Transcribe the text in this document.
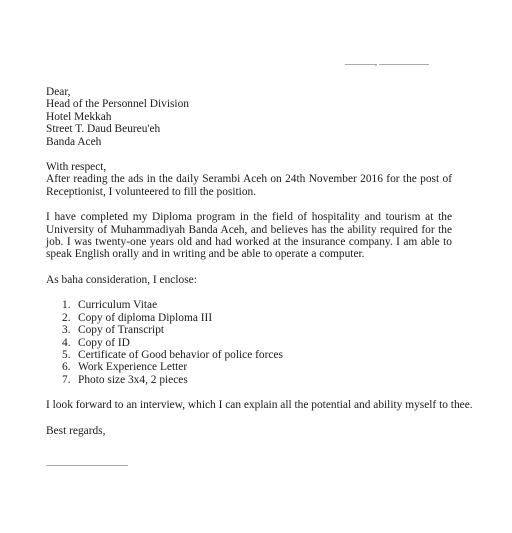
..............., .........................
Dear,
Head of the Personnel Division
Hotel Mekkah
Street T. Daud Beureu'eh
Banda Aceh
With respect,

After reading the ads in the daily Serambi Aceh on 24th November 2016 for the post of Receptionist, I volunteered to fill the position.

I have completed my Diploma program in the field of hospitality and tourism at the University of Muhammadiyah Banda Aceh, and believes has the ability required for the job. I was twenty-one years old and had worked at the insurance company. I am able to speak English orally and in writing and be able to operate a computer.

As baha consideration, I enclose:
1. Curriculum Vitae
2. Copy of diploma Diploma III
3. Copy of Transcript
4. Copy of ID
5. Certificate of Good behavior of police forces
6. Work Experience Letter
7. Photo size 3x4, 2 pieces
I look forward to an interview, which I can explain all the potential and ability myself to thee.
Best regards,
.........................................
